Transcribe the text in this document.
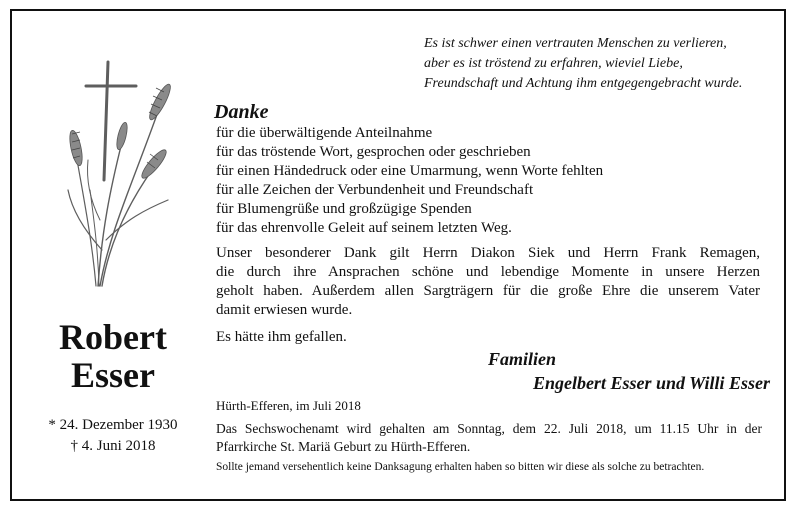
Es ist schwer einen vertrauten Menschen zu verlieren,
aber es ist tröstend zu erfahren, wieviel Liebe,
Freundschaft und Achtung ihm entgegengebracht wurde.
Robert
Esser
* 24. Dezember 1930
† 4. Juni 2018
Danke
für die überwältigende Anteilnahme
für das tröstende Wort, gesprochen oder geschrieben
für einen Händedruck oder eine Umarmung, wenn Worte fehlten
für alle Zeichen der Verbundenheit und Freundschaft
für Blumengrüße und großzügige Spenden
für das ehrenvolle Geleit auf seinem letzten Weg.
Unser besonderer Dank gilt Herrn Diakon Siek und Herrn Frank Remagen,
die durch ihre Ansprachen schöne und lebendige Momente in unsere Herzen
geholt haben. Außerdem allen Sargträgern für die große Ehre die unserem Vater
damit erwiesen wurde.
Es hätte ihm gefallen.
Familien
Engelbert Esser und Willi Esser
Hürth-Efferen, im Juli 2018
Das Sechswochenamt wird gehalten am Sonntag, dem 22. Juli 2018, um 11.15 Uhr in der
Pfarrkirche St. Mariä Geburt zu Hürth-Efferen.
Sollte jemand versehentlich keine Danksagung erhalten haben so bitten wir diese als solche zu betrachten.
